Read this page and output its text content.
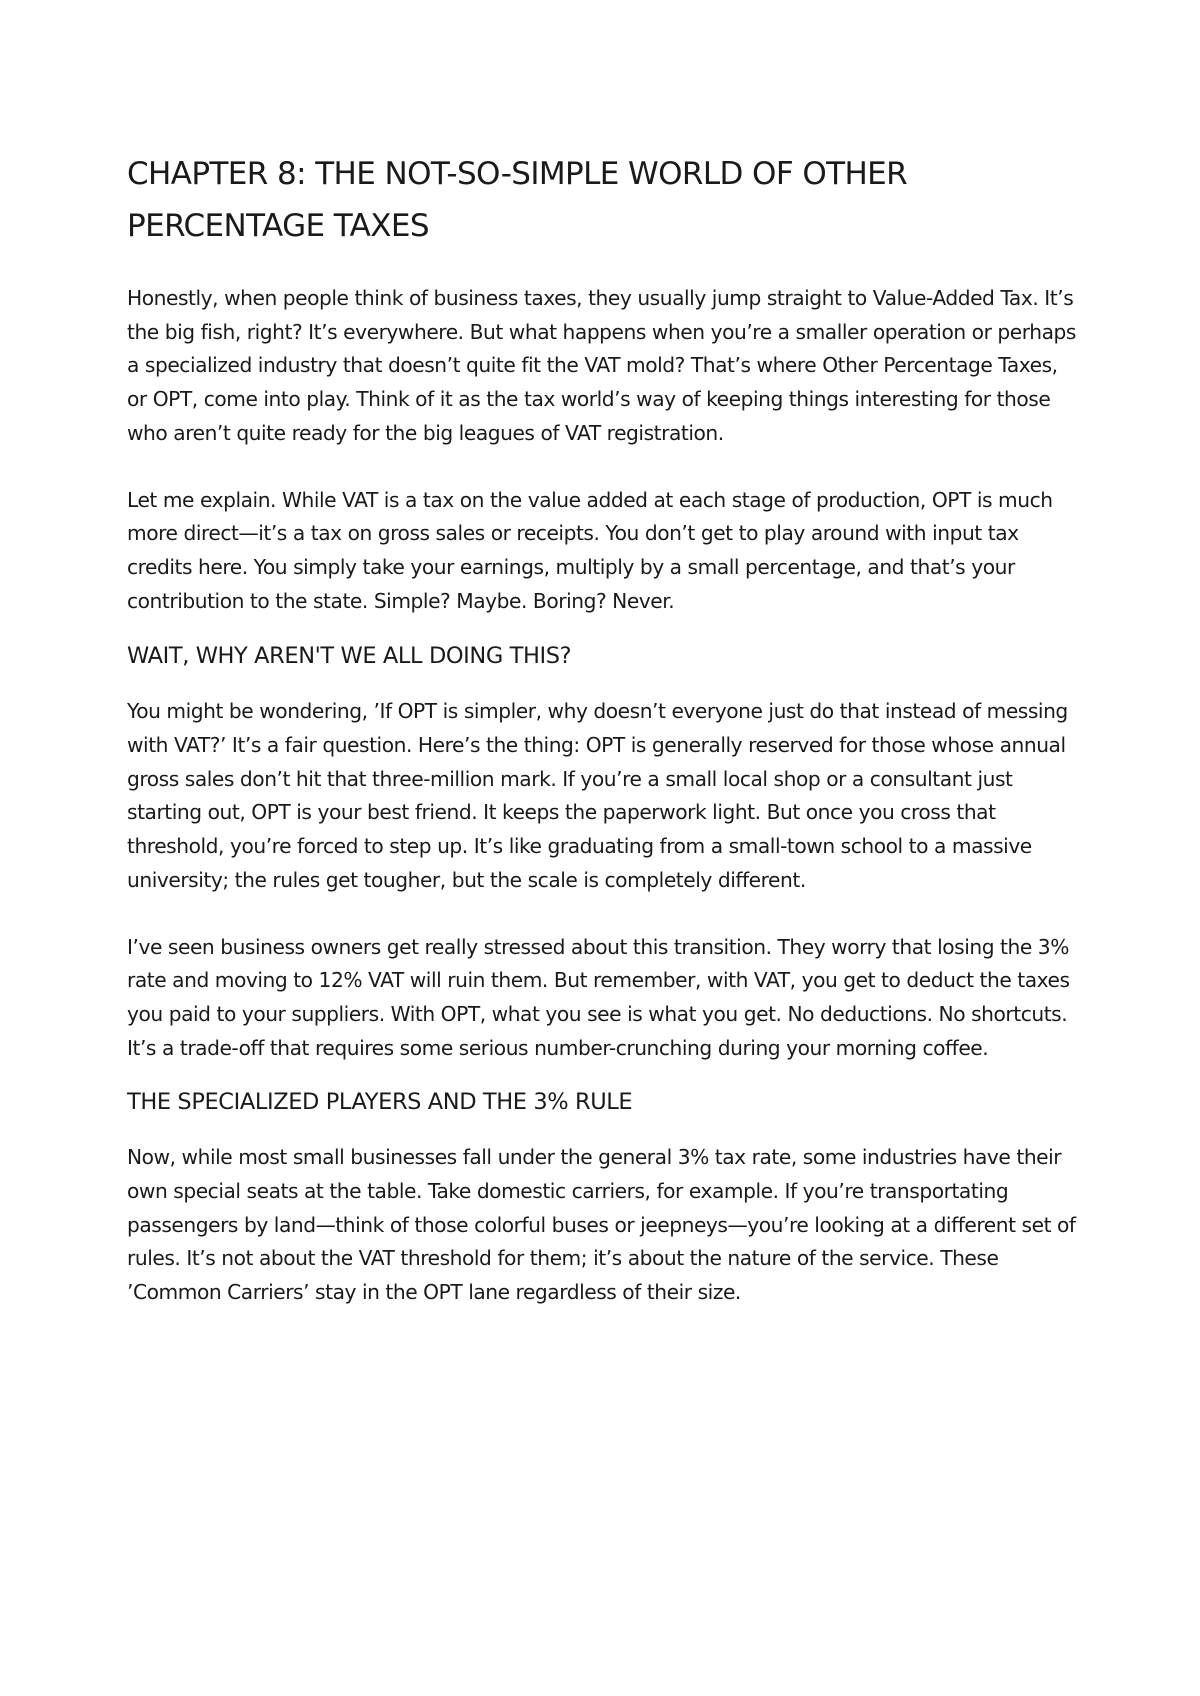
CHAPTER 8: THE NOT-SO-SIMPLE WORLD OF OTHER PERCENTAGE TAXES

Honestly, when people think of business taxes, they usually jump straight to Value-Added Tax. It’s the big fish, right? It’s everywhere. But what happens when you’re a smaller operation or perhaps a specialized industry that doesn’t quite fit the VAT mold? That’s where Other Percentage Taxes, or OPT, come into play. Think of it as the tax world’s way of keeping things interesting for those who aren’t quite ready for the big leagues of VAT registration.

Let me explain. While VAT is a tax on the value added at each stage of production, OPT is much more direct—it’s a tax on gross sales or receipts. You don’t get to play around with input tax credits here. You simply take your earnings, multiply by a small percentage, and that’s your contribution to the state. Simple? Maybe. Boring? Never.

WAIT, WHY AREN'T WE ALL DOING THIS?

You might be wondering, ’If OPT is simpler, why doesn’t everyone just do that instead of messing with VAT?’ It’s a fair question. Here’s the thing: OPT is generally reserved for those whose annual gross sales don’t hit that three-million mark. If you’re a small local shop or a consultant just starting out, OPT is your best friend. It keeps the paperwork light. But once you cross that threshold, you’re forced to step up. It’s like graduating from a small-town school to a massive university; the rules get tougher, but the scale is completely different.

I’ve seen business owners get really stressed about this transition. They worry that losing the 3% rate and moving to 12% VAT will ruin them. But remember, with VAT, you get to deduct the taxes you paid to your suppliers. With OPT, what you see is what you get. No deductions. No shortcuts. It’s a trade-off that requires some serious number-crunching during your morning coffee.

THE SPECIALIZED PLAYERS AND THE 3% RULE

Now, while most small businesses fall under the general 3% tax rate, some industries have their own special seats at the table. Take domestic carriers, for example. If you’re transportating passengers by land—think of those colorful buses or jeepneys—you’re looking at a different set of rules. It’s not about the VAT threshold for them; it’s about the nature of the service. These ’Common Carriers’ stay in the OPT lane regardless of their size.
